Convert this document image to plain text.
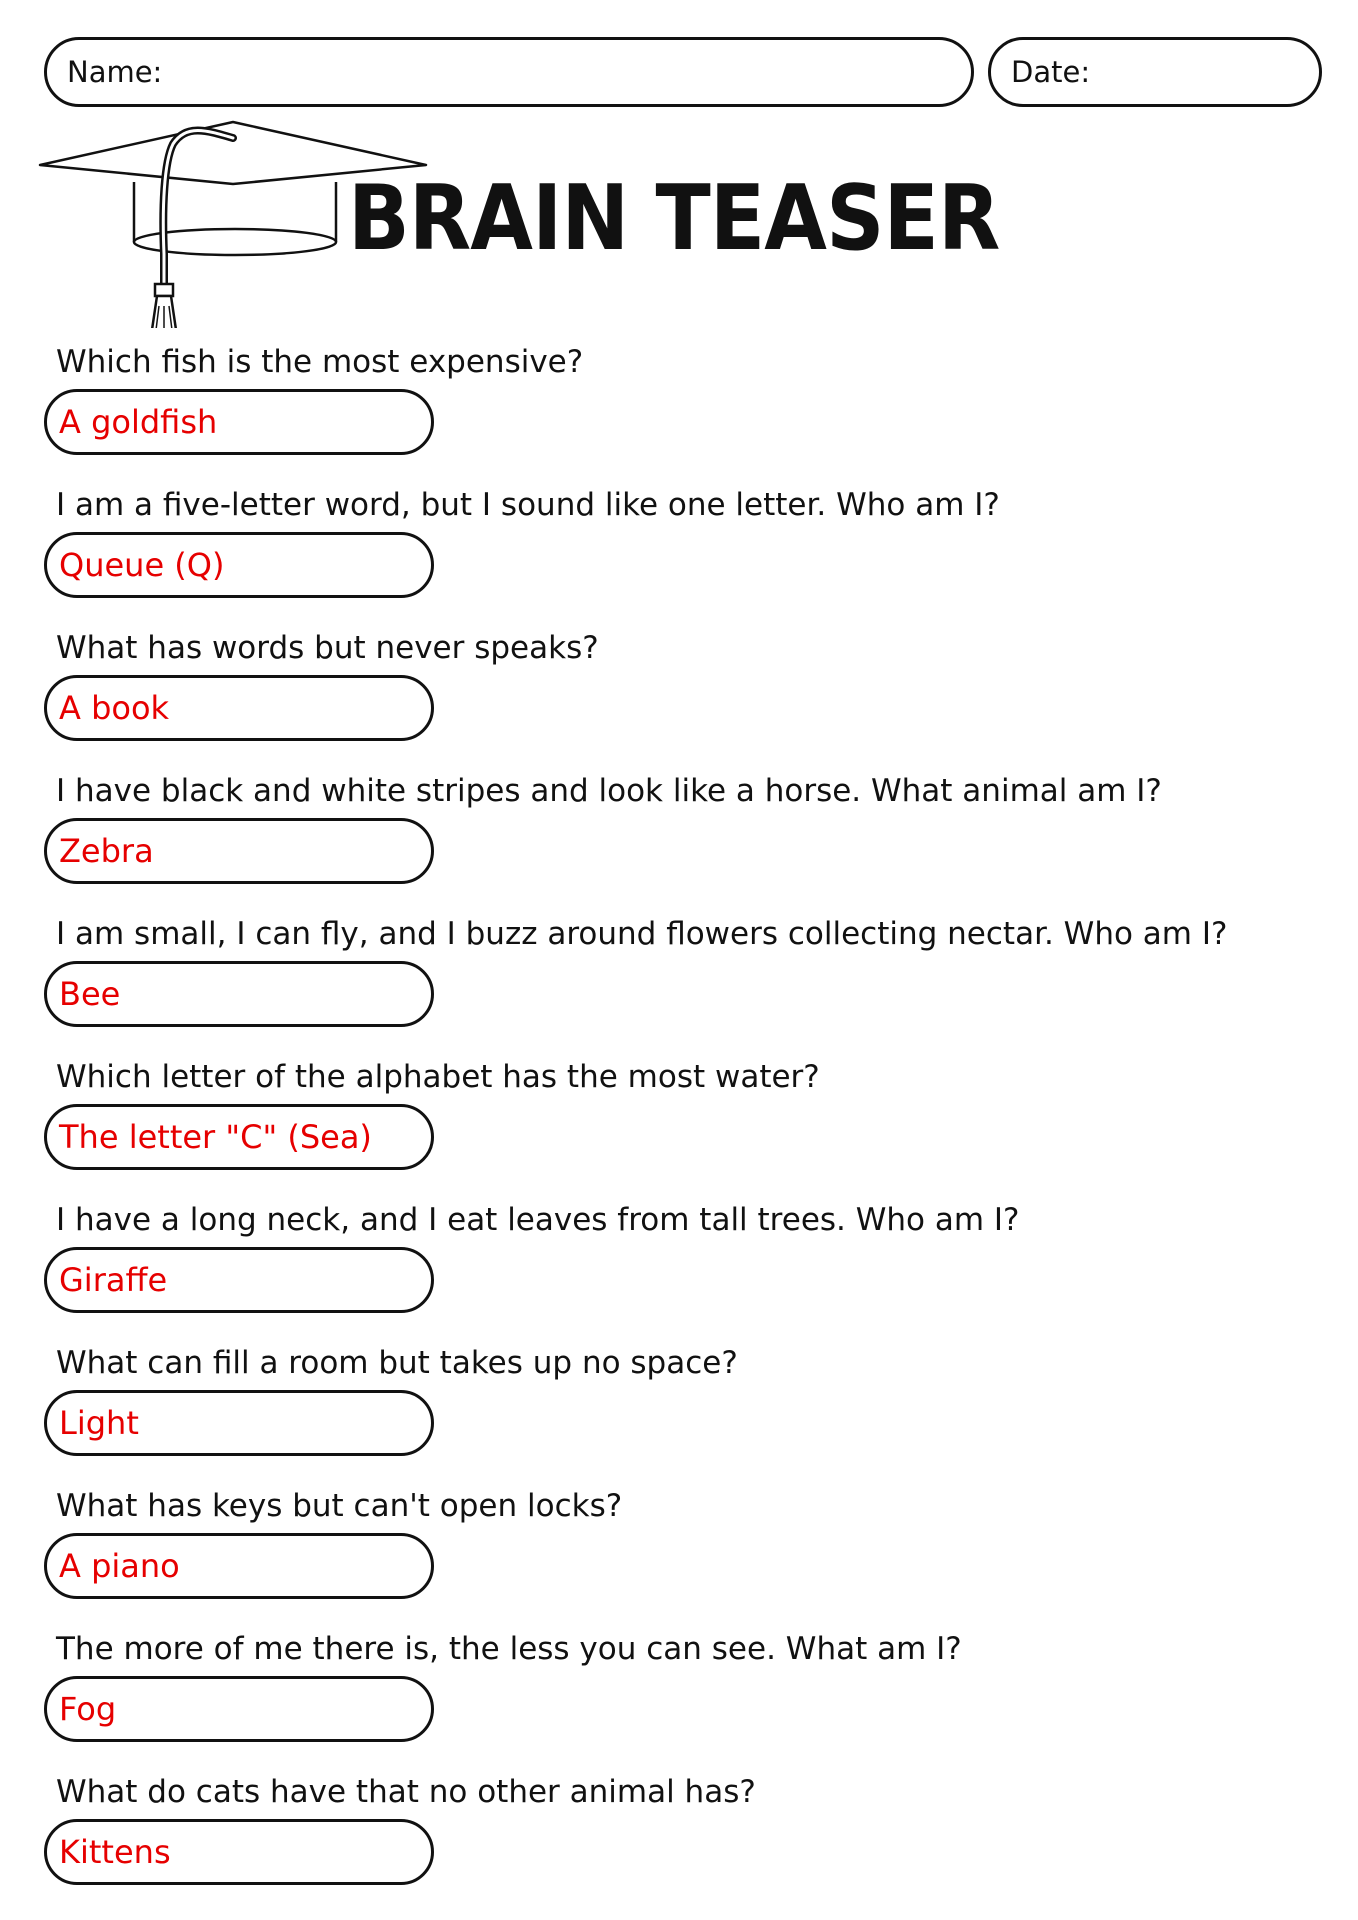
Name:	Date:
BRAIN TEASER
Which fish is the most expensive?
A goldfish
I am a five-letter word, but I sound like one letter. Who am I?
Queue (Q)
What has words but never speaks?
A book
I have black and white stripes and look like a horse. What animal am I?
Zebra
I am small, I can fly, and I buzz around flowers collecting nectar. Who am I?
Bee
Which letter of the alphabet has the most water?
The letter "C" (Sea)
I have a long neck, and I eat leaves from tall trees. Who am I?
Giraffe
What can fill a room but takes up no space?
Light
What has keys but can't open locks?
A piano
The more of me there is, the less you can see. What am I?
Fog
What do cats have that no other animal has?
Kittens
